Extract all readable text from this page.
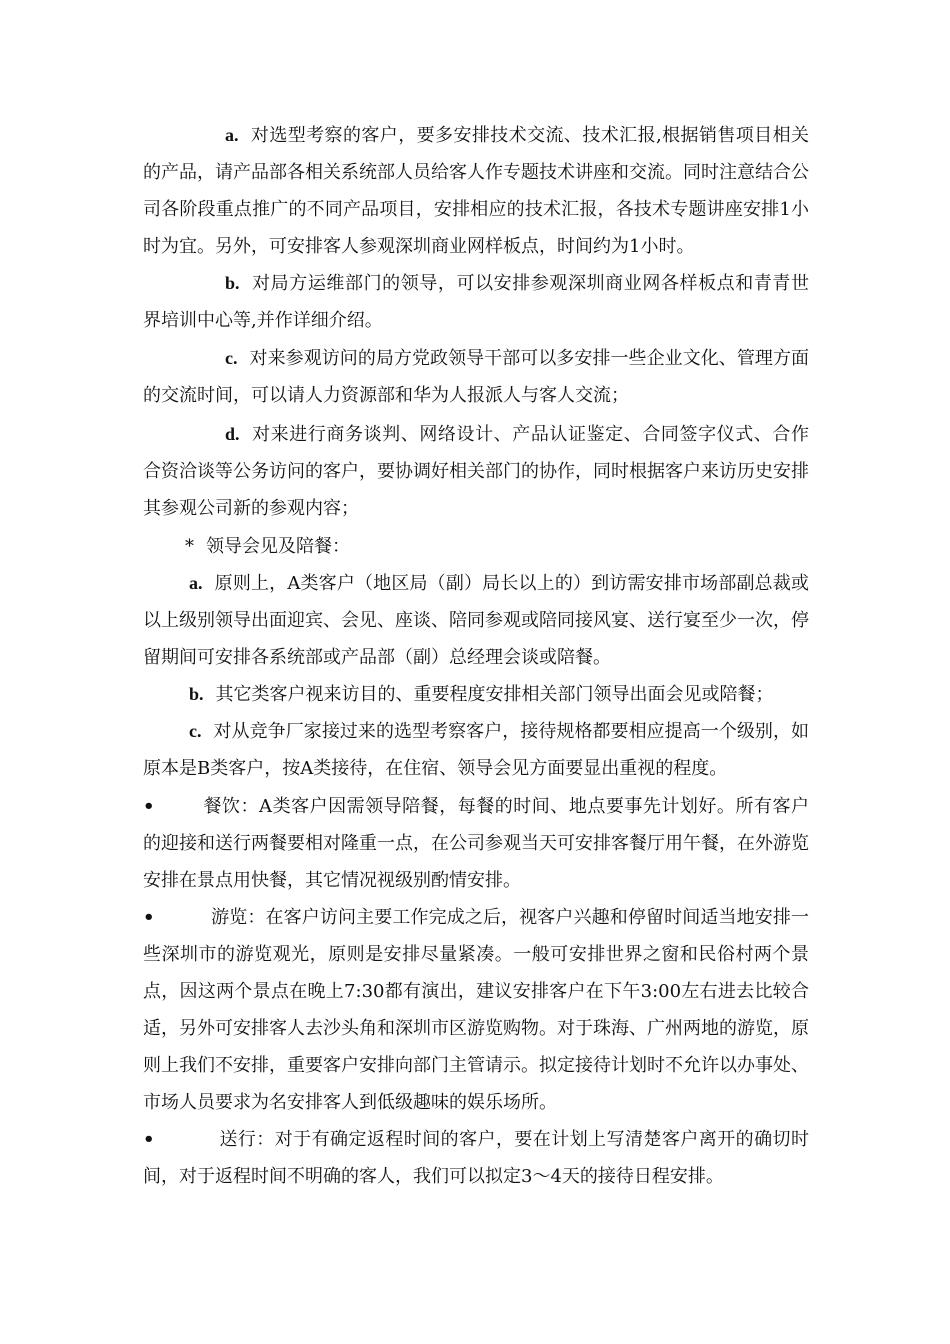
a. 对选型考察的客户，要多安排技术交流、技术汇报,根据销售项目相关的产品，请产品部各相关系统部人员给客人作专题技术讲座和交流。同时注意结合公司各阶段重点推广的不同产品项目，安排相应的技术汇报，各技术专题讲座安排1小时为宜。另外，可安排客人参观深圳商业网样板点，时间约为1小时。

b. 对局方运维部门的领导，可以安排参观深圳商业网各样板点和青青世界培训中心等,并作详细介绍。

c. 对来参观访问的局方党政领导干部可以多安排一些企业文化、管理方面的交流时间，可以请人力资源部和华为人报派人与客人交流；

d. 对来进行商务谈判、网络设计、产品认证鉴定、合同签字仪式、合作合资洽谈等公务访问的客户，要协调好相关部门的协作，同时根据客户来访历史安排其参观公司新的参观内容；

* 领导会见及陪餐：

a. 原则上，A类客户（地区局（副）局长以上的）到访需安排市场部副总裁或以上级别领导出面迎宾、会见、座谈、陪同参观或陪同接风宴、送行宴至少一次，停留期间可安排各系统部或产品部（副）总经理会谈或陪餐。

b. 其它类客户视来访目的、重要程度安排相关部门领导出面会见或陪餐；

c. 对从竞争厂家接过来的选型考察客户，接待规格都要相应提高一个级别，如原本是B类客户，按A类接待，在住宿、领导会见方面要显出重视的程度。

•	餐饮：A类客户因需领导陪餐，每餐的时间、地点要事先计划好。所有客户的迎接和送行两餐要相对隆重一点，在公司参观当天可安排客餐厅用午餐，在外游览安排在景点用快餐，其它情况视级别酌情安排。

•	游览：在客户访问主要工作完成之后，视客户兴趣和停留时间适当地安排一些深圳市的游览观光，原则是安排尽量紧凑。一般可安排世界之窗和民俗村两个景点，因这两个景点在晚上7:30都有演出，建议安排客户在下午3:00左右进去比较合适，另外可安排客人去沙头角和深圳市区游览购物。对于珠海、广州两地的游览，原则上我们不安排，重要客户安排向部门主管请示。拟定接待计划时不允许以办事处、市场人员要求为名安排客人到低级趣味的娱乐场所。

•	送行：对于有确定返程时间的客户，要在计划上写清楚客户离开的确切时间，对于返程时间不明确的客人，我们可以拟定3～4天的接待日程安排。
